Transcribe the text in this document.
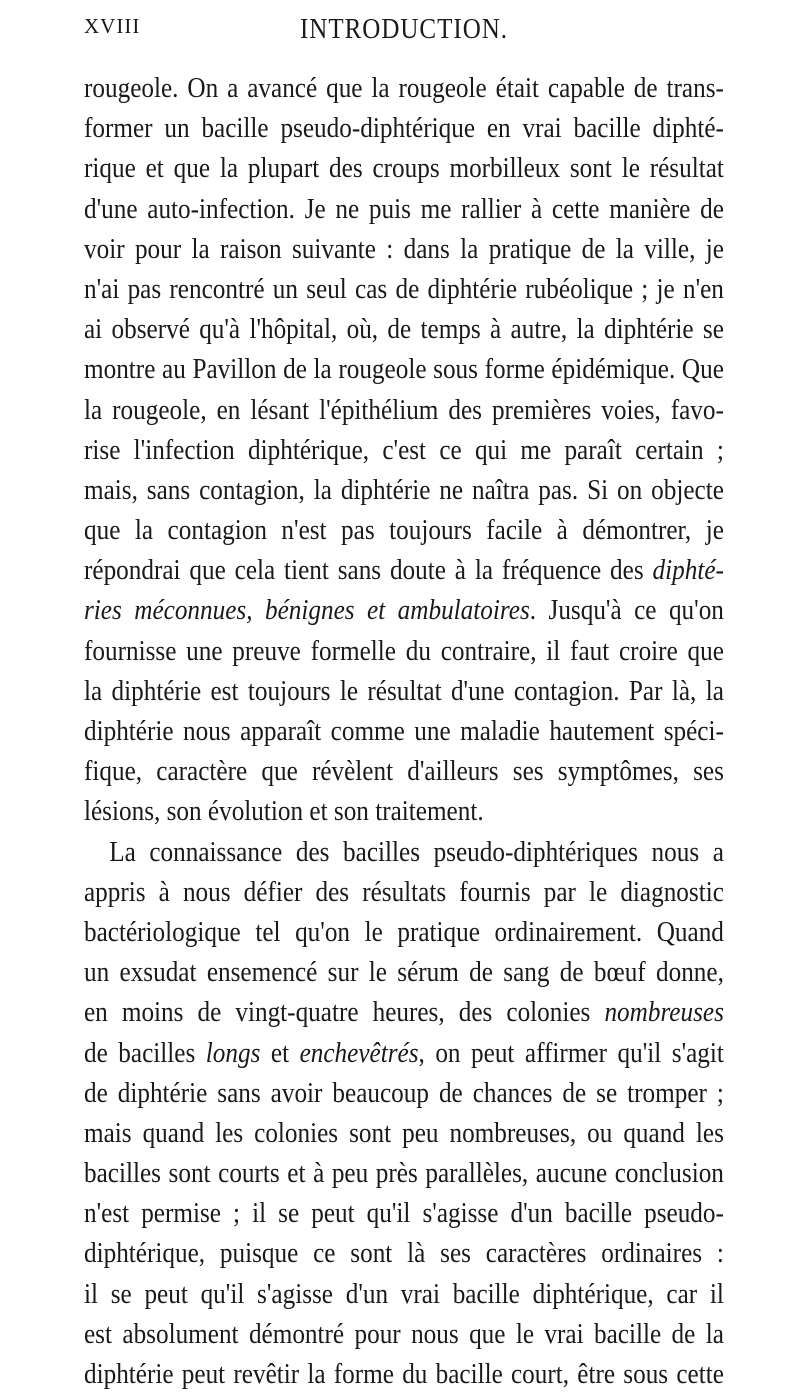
XVIII	INTRODUCTION.
rougeole. On a avancé que la rougeole était capable de trans-
former un bacille pseudo-diphtérique en vrai bacille diphté-
rique et que la plupart des croups morbilleux sont le résultat
d'une auto-infection. Je ne puis me rallier à cette manière de
voir pour la raison suivante : dans la pratique de la ville, je
n'ai pas rencontré un seul cas de diphtérie rubéolique ; je n'en
ai observé qu'à l'hôpital, où, de temps à autre, la diphtérie se
montre au Pavillon de la rougeole sous forme épidémique. Que
la rougeole, en lésant l'épithélium des premières voies, favo-
rise l'infection diphtérique, c'est ce qui me paraît certain ;
mais, sans contagion, la diphtérie ne naîtra pas. Si on objecte
que la contagion n'est pas toujours facile à démontrer, je
répondrai que cela tient sans doute à la fréquence des diphté-
ries méconnues, bénignes et ambulatoires. Jusqu'à ce qu'on
fournisse une preuve formelle du contraire, il faut croire que
la diphtérie est toujours le résultat d'une contagion. Par là, la
diphtérie nous apparaît comme une maladie hautement spéci-
fique, caractère que révèlent d'ailleurs ses symptômes, ses
lésions, son évolution et son traitement.
La connaissance des bacilles pseudo-diphtériques nous a
appris à nous défier des résultats fournis par le diagnostic
bactériologique tel qu'on le pratique ordinairement. Quand
un exsudat ensemencé sur le sérum de sang de bœuf donne,
en moins de vingt-quatre heures, des colonies nombreuses
de bacilles longs et enchevêtrés, on peut affirmer qu'il s'agit
de diphtérie sans avoir beaucoup de chances de se tromper ;
mais quand les colonies sont peu nombreuses, ou quand les
bacilles sont courts et à peu près parallèles, aucune conclusion
n'est permise ; il se peut qu'il s'agisse d'un bacille pseudo-
diphtérique, puisque ce sont là ses caractères ordinaires :
il se peut qu'il s'agisse d'un vrai bacille diphtérique, car il
est absolument démontré pour nous que le vrai bacille de la
diphtérie peut revêtir la forme du bacille court, être sous cette
